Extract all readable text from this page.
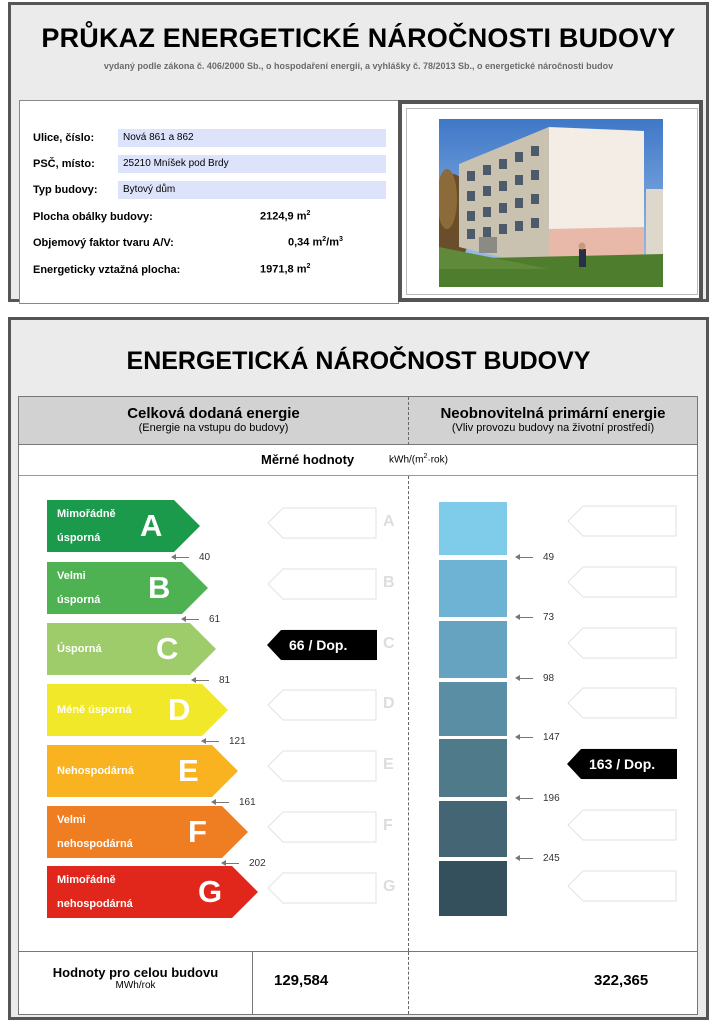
PRŮKAZ ENERGETICKÉ NÁROČNOSTI BUDOVY
vydaný podle zákona č. 406/2000 Sb., o hospodaření energií, a vyhlášky č. 78/2013 Sb., o energetické náročnosti budov
Ulice, číslo:	Nová 861 a 862
PSČ, místo:	25210 Mníšek pod Brdy
Typ budovy:	Bytový dům
Plocha obálky budovy:	2124,9 $m^2$
Objemový faktor tvaru A/V:	0,34 $m^2/m^3$
Energeticky vztažná plocha:	1971,8 $m^2$
ENERGETICKÁ NÁROČNOST BUDOVY
Celková dodaná energie
(Energie na vstupu do budovy)
Neobnovitelná primární energie
(Vliv provozu budovy na životní prostředí)
Měrné hodnoty	kWh/$(m^2\cdot rok)$
Mimořádně

úsporná A	A
Velmi

úsporná B	B
Úsporná C	C
Méně úsporná D	D
Nehospodárná E	E
Velmi

nehospodárná F	F
Mimořádně

nehospodárná G	G
40
61
81
121
161
202
66 / Dop.
49
73
98
147
196
245
163 / Dop.
Hodnoty pro celou budovu
MWh/rok	129,584	322,365
